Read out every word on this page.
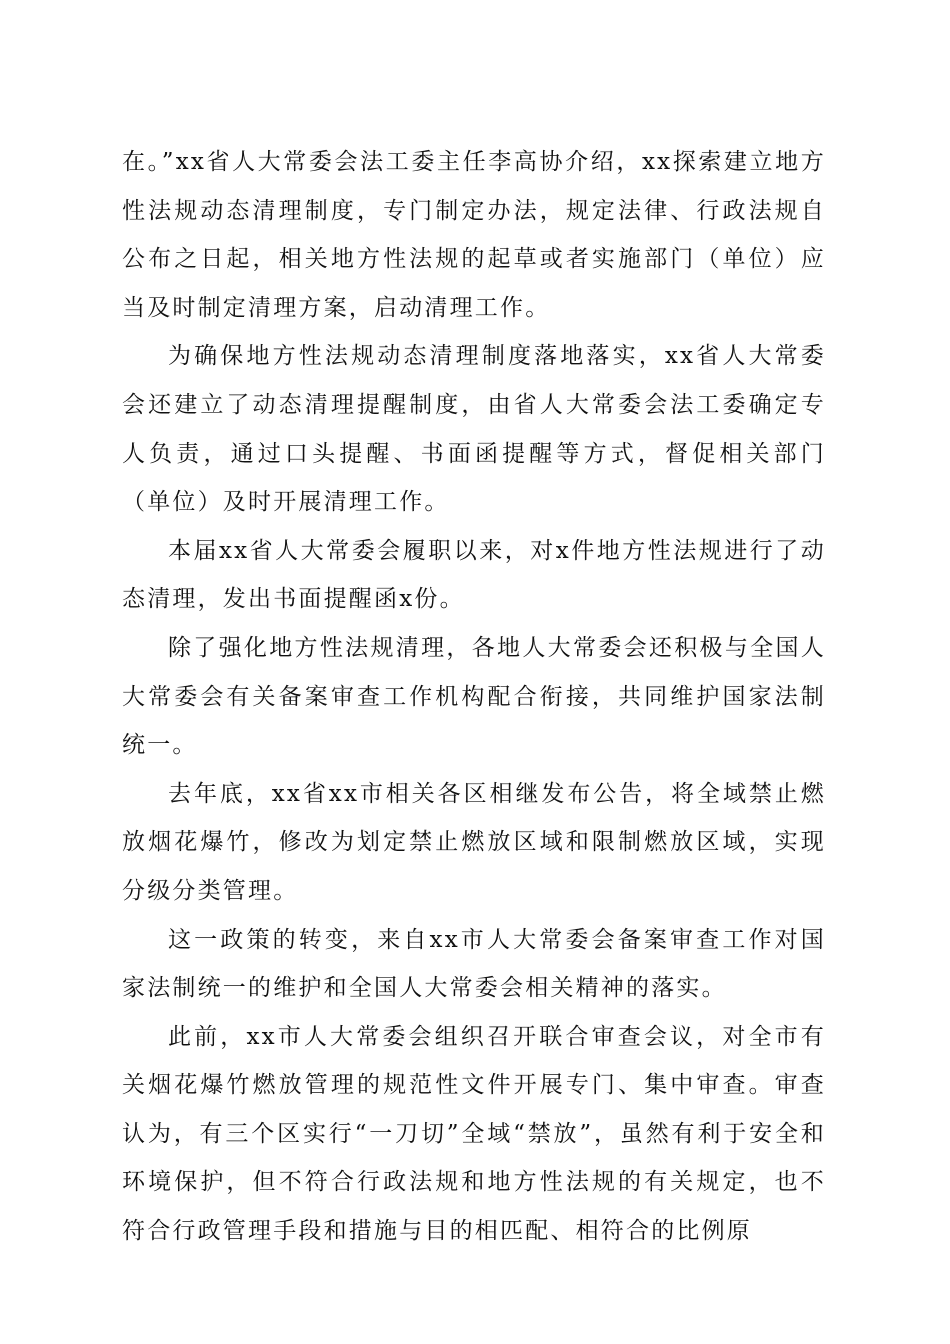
在。”xx省人大常委会法工委主任李高协介绍，xx探索建立地方性法规动态清理制度，专门制定办法，规定法律、行政法规自公布之日起，相关地方性法规的起草或者实施部门（单位）应当及时制定清理方案，启动清理工作。

为确保地方性法规动态清理制度落地落实，xx省人大常委会还建立了动态清理提醒制度，由省人大常委会法工委确定专人负责，通过口头提醒、书面函提醒等方式，督促相关部门（单位）及时开展清理工作。

本届xx省人大常委会履职以来，对x件地方性法规进行了动态清理，发出书面提醒函x份。

除了强化地方性法规清理，各地人大常委会还积极与全国人大常委会有关备案审查工作机构配合衔接，共同维护国家法制统一。

去年底，xx省xx市相关各区相继发布公告，将全域禁止燃放烟花爆竹，修改为划定禁止燃放区域和限制燃放区域，实现分级分类管理。

这一政策的转变，来自xx市人大常委会备案审查工作对国家法制统一的维护和全国人大常委会相关精神的落实。

此前，xx市人大常委会组织召开联合审查会议，对全市有关烟花爆竹燃放管理的规范性文件开展专门、集中审查。审查认为，有三个区实行“一刀切”全域“禁放”，虽然有利于安全和环境保护，但不符合行政法规和地方性法规的有关规定，也不符合行政管理手段和措施与目的相匹配、相符合的比例原
